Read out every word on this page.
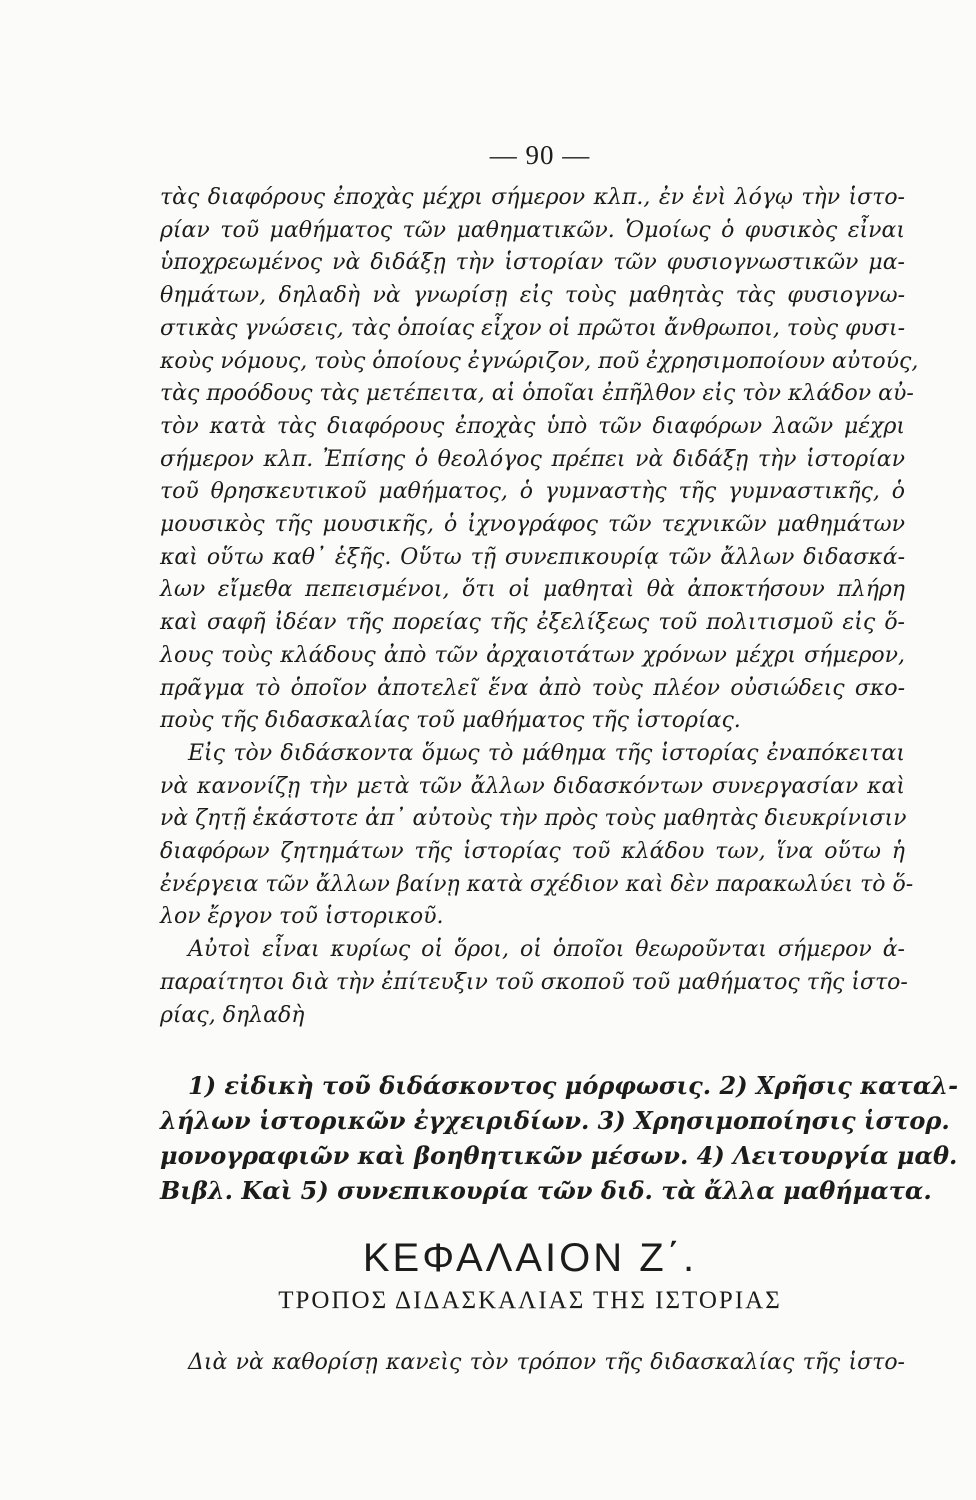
— 90 —
τὰς διαφόρους ἐποχὰς μέχρι σήμερον κλπ., ἐν ἑνὶ λόγῳ τὴν ἱστο-
ρίαν τοῦ μαθήματος τῶν μαθηματικῶν. Ὁμοίως ὁ φυσικὸς εἶναι
ὑποχρεωμένος νὰ διδάξῃ τὴν ἱστορίαν τῶν φυσιογνωστικῶν μα-
θημάτων, δηλαδὴ νὰ γνωρίσῃ εἰς τοὺς μαθητὰς τὰς φυσιογνω-
στικὰς γνώσεις, τὰς ὁποίας εἶχον οἱ πρῶτοι ἄνθρωποι, τοὺς φυσι-
κοὺς νόμους, τοὺς ὁποίους ἐγνώριζον, ποῦ ἐχρησιμοποίουν αὐτούς,
τὰς προόδους τὰς μετέπειτα, αἱ ὁποῖαι ἐπῆλθον εἰς τὸν κλάδον αὐ-
τὸν κατὰ τὰς διαφόρους ἐποχὰς ὑπὸ τῶν διαφόρων λαῶν μέχρι
σήμερον κλπ. Ἐπίσης ὁ θεολόγος πρέπει νὰ διδάξῃ τὴν ἱστορίαν
τοῦ θρησκευτικοῦ μαθήματος, ὁ γυμναστὴς τῆς γυμναστικῆς, ὁ
μουσικὸς τῆς μουσικῆς, ὁ ἰχνογράφος τῶν τεχνικῶν μαθημάτων
καὶ οὕτω καθ᾽ ἑξῆς. Οὕτω τῇ συνεπικουρίᾳ τῶν ἄλλων διδασκά-
λων εἴμεθα πεπεισμένοι, ὅτι οἱ μαθηταὶ θὰ ἀποκτήσουν πλήρη
καὶ σαφῆ ἰδέαν τῆς πορείας τῆς ἐξελίξεως τοῦ πολιτισμοῦ εἰς ὅ-
λους τοὺς κλάδους ἀπὸ τῶν ἀρχαιοτάτων χρόνων μέχρι σήμερον,
πρᾶγμα τὸ ὁποῖον ἀποτελεῖ ἕνα ἀπὸ τοὺς πλέον οὐσιώδεις σκο-
ποὺς τῆς διδασκαλίας τοῦ μαθήματος τῆς ἱστορίας.
Εἰς τὸν διδάσκοντα ὅμως τὸ μάθημα τῆς ἱστορίας ἐναπόκειται
νὰ κανονίζῃ τὴν μετὰ τῶν ἄλλων διδασκόντων συνεργασίαν καὶ
νὰ ζητῇ ἑκάστοτε ἀπ᾽ αὐτοὺς τὴν πρὸς τοὺς μαθητὰς διευκρίνισιν
διαφόρων ζητημάτων τῆς ἱστορίας τοῦ κλάδου των, ἵνα οὕτω ἡ
ἐνέργεια τῶν ἄλλων βαίνῃ κατὰ σχέδιον καὶ δὲν παρακωλύει τὸ ὅ-
λον ἔργον τοῦ ἱστορικοῦ.
Αὐτοὶ εἶναι κυρίως οἱ ὅροι, οἱ ὁποῖοι θεωροῦνται σήμερον ἀ-
παραίτητοι διὰ τὴν ἐπίτευξιν τοῦ σκοποῦ τοῦ μαθήματος τῆς ἱστο-
ρίας, δηλαδὴ
1) εἰδικὴ τοῦ διδάσκοντος μόρφωσις. 2) Χρῆσις καταλ-
λήλων ἱστορικῶν ἐγχειριδίων. 3) Χρησιμοποίησις ἱστορ.
μονογραφιῶν καὶ βοηθητικῶν μέσων. 4) Λειτουργία μαθ.
Βιβλ. Καὶ 5) συνεπικουρία τῶν διδ. τὰ ἄλλα μαθήματα.
ΚΕΦΑΛΑΙΟΝ Ζ΄.
ΤΡΟΠΟΣ ΔΙΔΑΣΚΑΛΙΑΣ ΤΗΣ ΙΣΤΟΡΙΑΣ
Διὰ νὰ καθορίσῃ κανεὶς τὸν τρόπον τῆς διδασκαλίας τῆς ἱστο-
